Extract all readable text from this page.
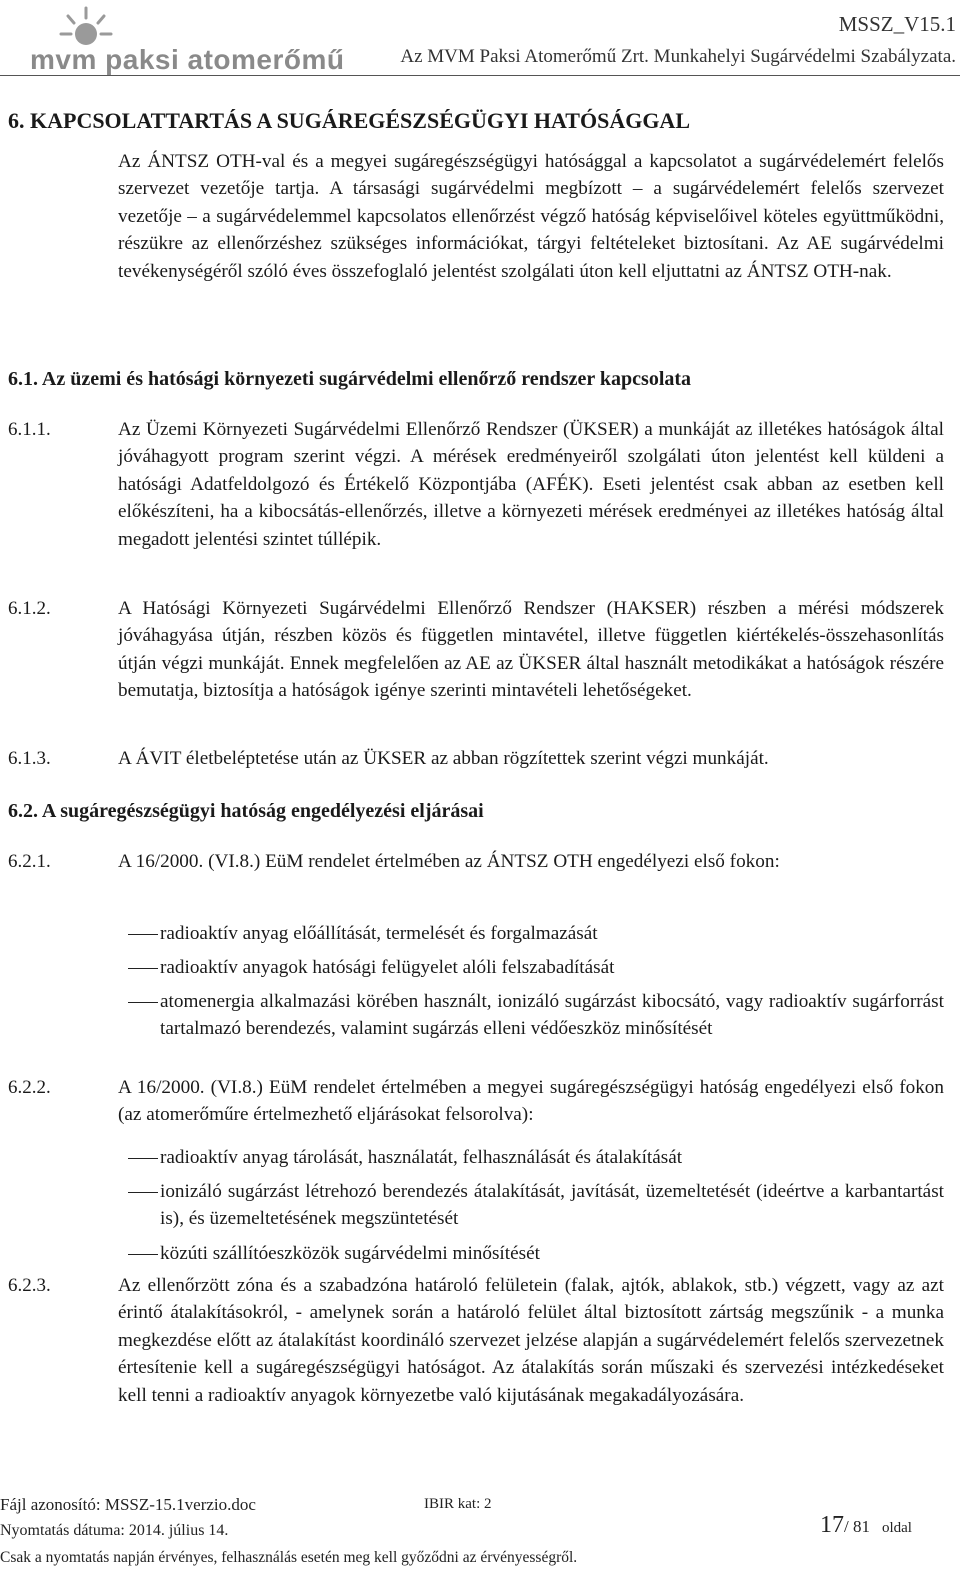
mvm paksi atomerőmű
MSSZ_V15.1
Az MVM Paksi Atomerőmű Zrt. Munkahelyi Sugárvédelmi Szabályzata.
6. KAPCSOLATTARTÁS A SUGÁREGÉSZSÉGÜGYI HATÓSÁGGAL
Az ÁNTSZ OTH-val és a megyei sugáregészségügyi hatósággal a kapcsolatot a sugárvédelemért felelős szervezet vezetője tartja. A társasági sugárvédelmi megbízott – a sugárvédelemért felelős szervezet vezetője – a sugárvédelemmel kapcsolatos ellenőrzést végző hatóság képviselőivel köteles együttműködni, részükre az ellenőrzéshez szükséges információkat, tárgyi feltételeket biztosítani. Az AE sugárvédelmi tevékenységéről szóló éves összefoglaló jelentést szolgálati úton kell eljuttatni az ÁNTSZ OTH-nak.
6.1. Az üzemi és hatósági környezeti sugárvédelmi ellenőrző rendszer kapcsolata
6.1.1.	Az Üzemi Környezeti Sugárvédelmi Ellenőrző Rendszer (ÜKSER) a munkáját az illetékes hatóságok által jóváhagyott program szerint végzi. A mérések eredményeiről szolgálati úton jelentést kell küldeni a hatósági Adatfeldolgozó és Értékelő Központjába (AFÉK). Eseti jelentést csak abban az esetben kell előkészíteni, ha a kibocsátás-ellenőrzés, illetve a környezeti mérések eredményei az illetékes hatóság által megadott jelentési szintet túllépik.
6.1.2.	A Hatósági Környezeti Sugárvédelmi Ellenőrző Rendszer (HAKSER) részben a mérési módszerek jóváhagyása útján, részben közös és független mintavétel, illetve független kiértékelés-összehasonlítás útján végzi munkáját. Ennek megfelelően az AE az ÜKSER által használt metodikákat a hatóságok részére bemutatja, biztosítja a hatóságok igénye szerinti mintavételi lehetőségeket.
6.1.3.	A ÁVIT életbeléptetése után az ÜKSER az abban rögzítettek szerint végzi munkáját.
6.2. A sugáregészségügyi hatóság engedélyezési eljárásai
6.2.1.	A 16/2000. (VI.8.) EüM rendelet értelmében az ÁNTSZ OTH engedélyezi első fokon:
radioaktív anyag előállítását, termelését és forgalmazását
radioaktív anyagok hatósági felügyelet alóli felszabadítását
atomenergia alkalmazási körében használt, ionizáló sugárzást kibocsátó, vagy radioaktív sugárforrást tartalmazó berendezés, valamint sugárzás elleni védőeszköz minősítését
6.2.2.	A 16/2000. (VI.8.) EüM rendelet értelmében a megyei sugáregészségügyi hatóság engedélyezi első fokon (az atomerőműre értelmezhető eljárásokat felsorolva):
radioaktív anyag tárolását, használatát, felhasználását és átalakítását
ionizáló sugárzást létrehozó berendezés átalakítását, javítását, üzemeltetését (ideértve a karbantartást is), és üzemeltetésének megszüntetését
közúti szállítóeszközök sugárvédelmi minősítését
6.2.3.	Az ellenőrzött zóna és a szabadzóna határoló felületein (falak, ajtók, ablakok, stb.) végzett, vagy az azt érintő átalakításokról, - amelynek során a határoló felület által biztosított zártság megszűnik - a munka megkezdése előtt az átalakítást koordináló szervezet jelzése alapján a sugárvédelemért felelős szervezetnek értesítenie kell a sugáregészségügyi hatóságot. Az átalakítás során műszaki és szervezési intézkedéseket kell tenni a radioaktív anyagok környezetbe való kijutásának megakadályozására.
Fájl azonosító: MSSZ-15.1verzio.doc	IBIR kat: 2
Nyomtatás dátuma: 2014. július 14.	17/ 81 oldal
Csak a nyomtatás napján érvényes, felhasználás esetén meg kell győződni az érvényességről.
